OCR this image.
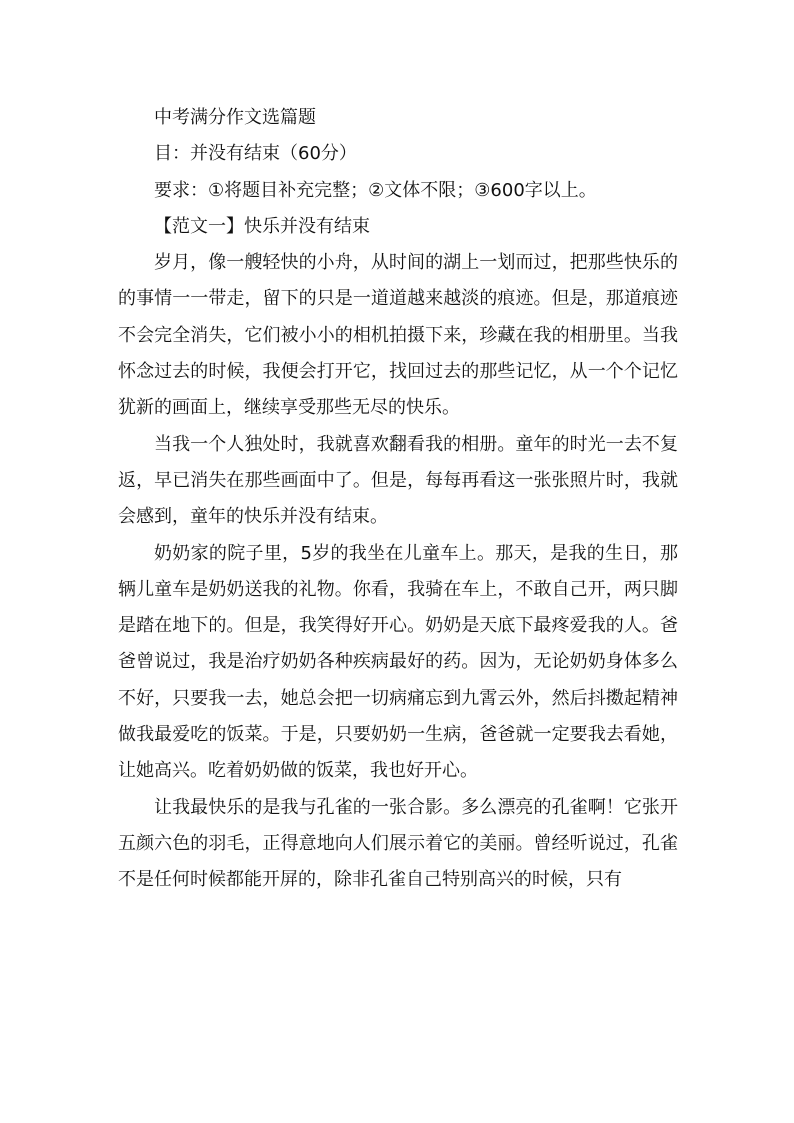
中考满分作文选篇题

目：并没有结束（60分）

要求：①将题目补充完整；②文体不限；③600字以上。

【范文一】快乐并没有结束

岁月，像一艘轻快的小舟，从时间的湖上一划而过，把那些快乐的的事情一一带走，留下的只是一道道越来越淡的痕迹。但是，那道痕迹不会完全消失，它们被小小的相机拍摄下来，珍藏在我的相册里。当我怀念过去的时候，我便会打开它，找回过去的那些记忆，从一个个记忆犹新的画面上，继续享受那些无尽的快乐。

当我一个人独处时，我就喜欢翻看我的相册。童年的时光一去不复返，早已消失在那些画面中了。但是，每每再看这一张张照片时，我就会感到，童年的快乐并没有结束。

奶奶家的院子里，5岁的我坐在儿童车上。那天，是我的生日，那辆儿童车是奶奶送我的礼物。你看，我骑在车上，不敢自己开，两只脚是踏在地下的。但是，我笑得好开心。奶奶是天底下最疼爱我的人。爸爸曾说过，我是治疗奶奶各种疾病最好的药。因为，无论奶奶身体多么不好，只要我一去，她总会把一切病痛忘到九霄云外，然后抖擞起精神做我最爱吃的饭菜。于是，只要奶奶一生病，爸爸就一定要我去看她，让她高兴。吃着奶奶做的饭菜，我也好开心。

让我最快乐的是我与孔雀的一张合影。多么漂亮的孔雀啊！它张开五颜六色的羽毛，正得意地向人们展示着它的美丽。曾经听说过，孔雀不是任何时候都能开屏的，除非孔雀自己特别高兴的时候，只有
